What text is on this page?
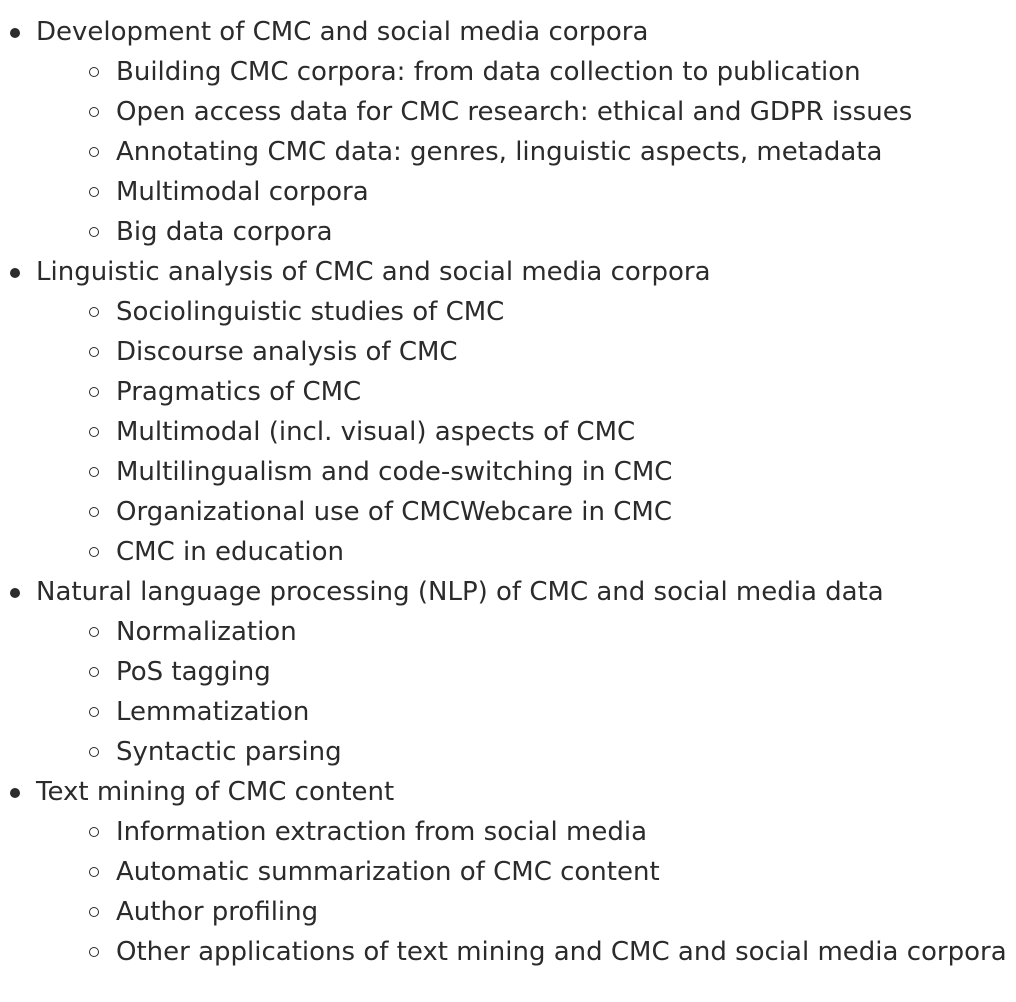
Development of CMC and social media corpora
Building CMC corpora: from data collection to publication
Open access data for CMC research: ethical and GDPR issues
Annotating CMC data: genres, linguistic aspects, metadata
Multimodal corpora
Big data corpora
Linguistic analysis of CMC and social media corpora
Sociolinguistic studies of CMC
Discourse analysis of CMC
Pragmatics of CMC
Multimodal (incl. visual) aspects of CMC
Multilingualism and code-switching in CMC
Organizational use of CMCWebcare in CMC
CMC in education
Natural language processing (NLP) of CMC and social media data
Normalization
PoS tagging
Lemmatization
Syntactic parsing
Text mining of CMC content
Information extraction from social media
Automatic summarization of CMC content
Author profiling
Other applications of text mining and CMC and social media corpora
